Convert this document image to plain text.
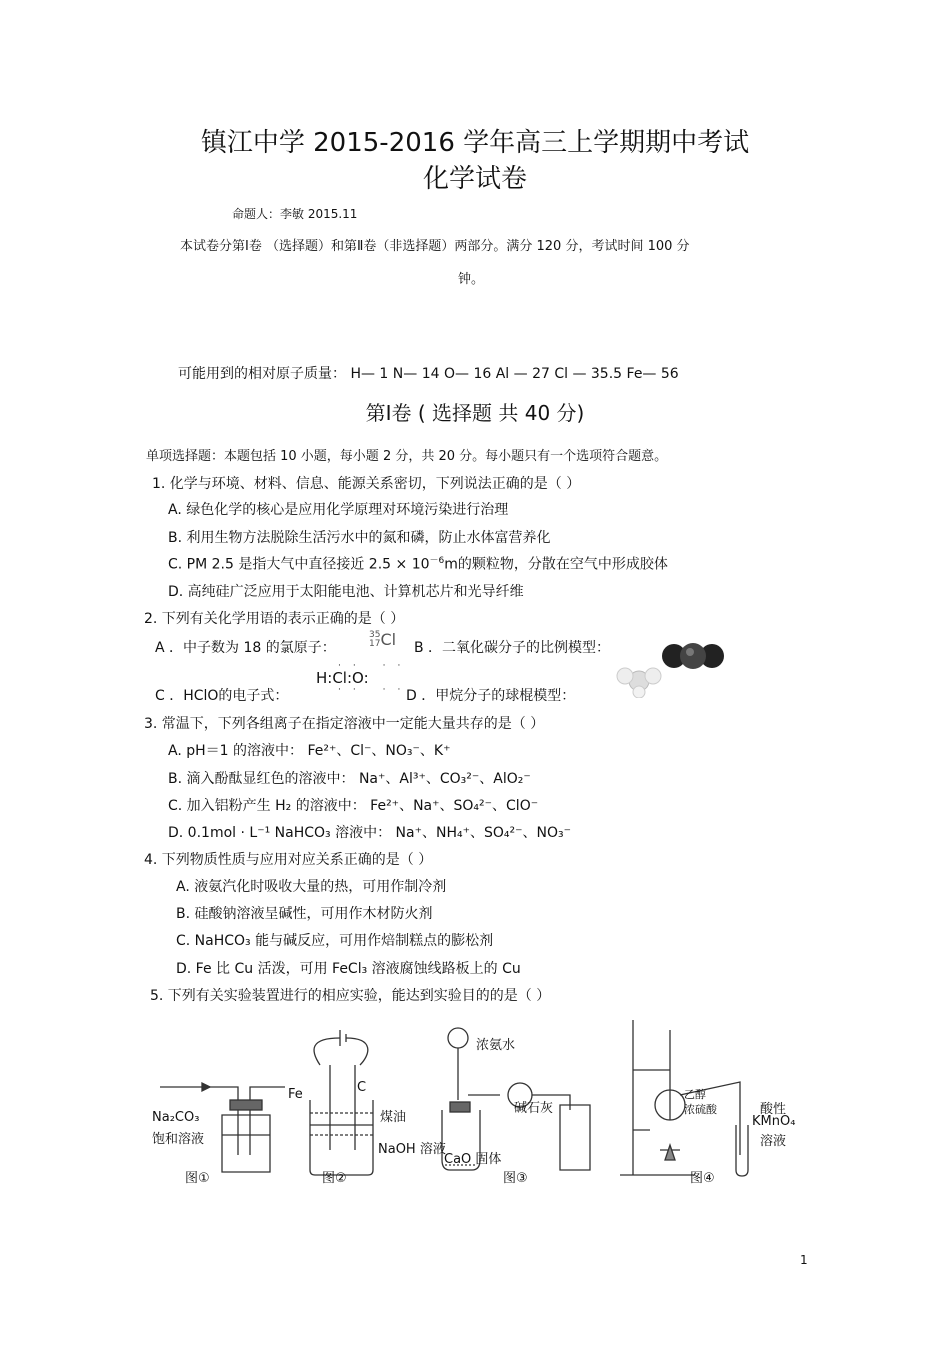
镇江中学 2015-2016 学年高三上学期期中考试
化学试卷
命题人：李敏 2015.11
本试卷分第Ⅰ卷 （选择题）和第Ⅱ卷（非选择题）两部分。满分 120 分，考试时间 100 分
钟。
可能用到的相对原子质量： H— 1 N— 14 O— 16 Al — 27 Cl — 35.5 Fe— 56
第Ⅰ卷 ( 选择题 共 40 分)
单项选择题：本题包括 10 小题，每小题 2 分，共 20 分。每小题只有一个选项符合题意。
1. 化学与环境、材料、信息、能源关系密切，下列说法正确的是（ ）
A. 绿色化学的核心是应用化学原理对环境污染进行治理
B. 利用生物方法脱除生活污水中的氮和磷，防止水体富营养化
C. PM 2.5 是指大气中直径接近 $2.5 \times 10^{-6}m$的颗粒物，分散在空气中形成胶体
D. 高纯硅广泛应用于太阳能电池、计算机芯片和光导纤维
2. 下列有关化学用语的表示正确的是（ ）
A ．中子数为 18 的氯原子：
35
17Cl B ．二氧化碳分子的比例模型：
C ．HClO的电子式：
·· ··
H:Cl:O:
·· ··
D ．甲烷分子的球棍模型：
3. 常温下，下列各组离子在指定溶液中一定能大量共存的是（ ）
A. pH＝1 的溶液中： Fe²⁺、Cl⁻、NO₃⁻、K⁺
B. 滴入酚酞显红色的溶液中： Na⁺、Al³⁺、CO₃²⁻、AlO₂⁻
C. 加入铝粉产生 H₂ 的溶液中： Fe²⁺、Na⁺、SO₄²⁻、ClO⁻
D. 0.1mol · L⁻¹ NaHCO₃ 溶液中： Na⁺、NH₄⁺、SO₄²⁻、NO₃⁻
4. 下列物质性质与应用对应关系正确的是（ ）
A. 液氨汽化时吸收大量的热，可用作制冷剂
B. 硅酸钠溶液呈碱性，可用作木材防火剂
C. NaHCO₃ 能与碱反应，可用作焙制糕点的膨松剂
D. Fe 比 Cu 活泼，可用 FeCl₃ 溶液腐蚀线路板上的 Cu
5. 下列有关实验装置进行的相应实验，能达到实验目的的是（ ）
Na₂CO₃
饱和溶液
图①
Fe	C
煤油
NaOH 溶液
图②
浓氨水
碱石灰
CaO 固体
图③
乙醇
浓硫酸	酸性
KMnO₄
溶液
图④
1
